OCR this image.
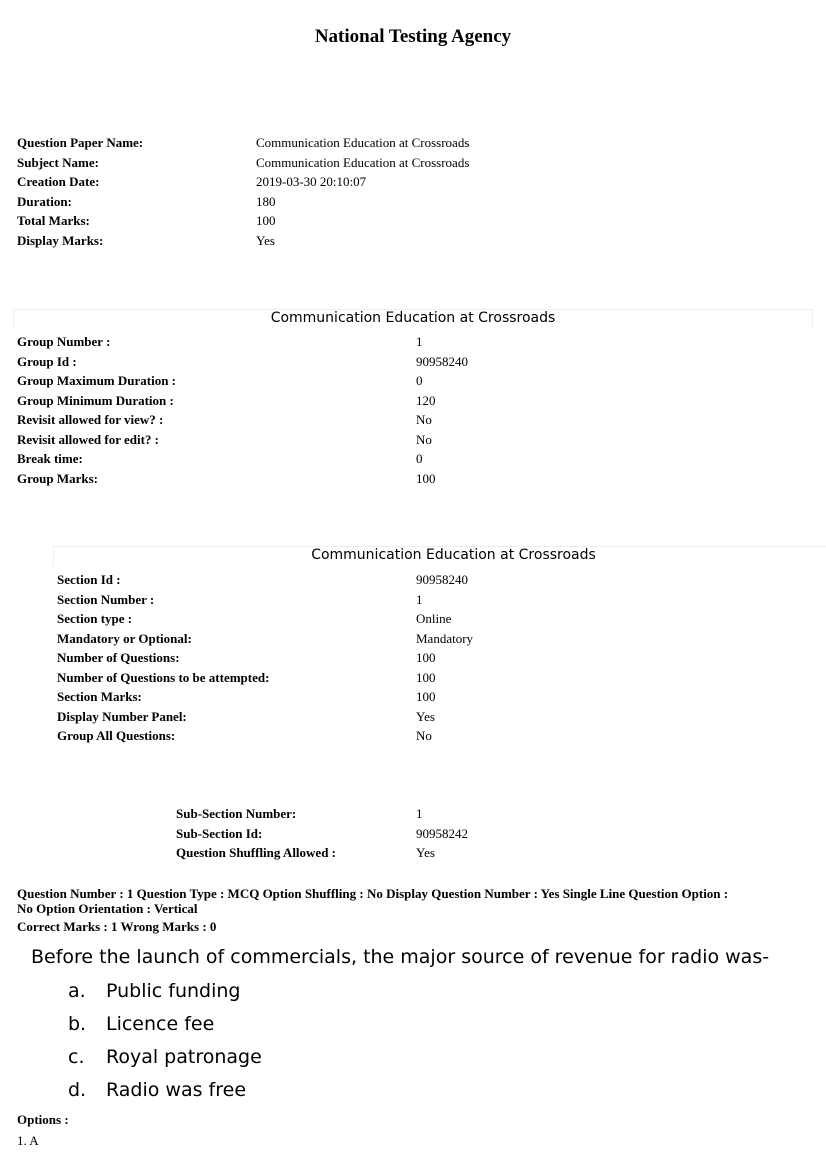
National Testing Agency
Question Paper Name:	Communication Education at Crossroads
Subject Name:	Communication Education at Crossroads
Creation Date:	2019-03-30 20:10:07
Duration:	180
Total Marks:	100
Display Marks:	Yes
Communication Education at Crossroads
Group Number :	1
Group Id :	90958240
Group Maximum Duration :	0
Group Minimum Duration :	120
Revisit allowed for view? :	No
Revisit allowed for edit? :	No
Break time:	0
Group Marks:	100
Communication Education at Crossroads
Section Id :	90958240
Section Number :	1
Section type :	Online
Mandatory or Optional:	Mandatory
Number of Questions:	100
Number of Questions to be attempted:	100
Section Marks:	100
Display Number Panel:	Yes
Group All Questions:	No
Sub-Section Number:	1
Sub-Section Id:	90958242
Question Shuffling Allowed :	Yes
Question Number : 1 Question Type : MCQ Option Shuffling : No Display Question Number : Yes Single Line Question Option :
No Option Orientation : Vertical
Correct Marks : 1 Wrong Marks : 0
Before the launch of commercials, the major source of revenue for radio was-
a. Public funding
b. Licence fee
c. Royal patronage
d. Radio was free
Options :
1. A
